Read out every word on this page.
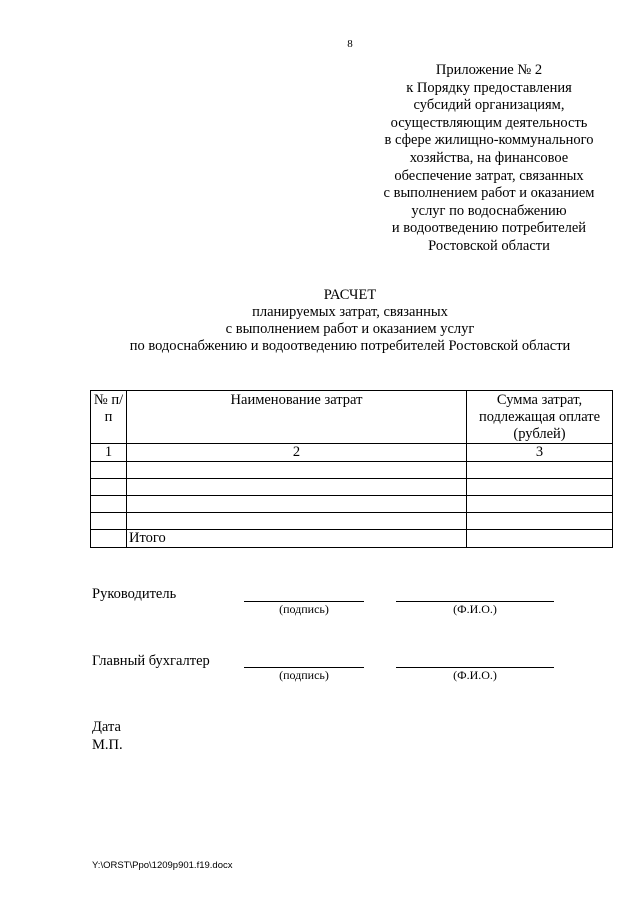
8
Приложение № 2
к Порядку предоставления
субсидий организациям,
осуществляющим деятельность
в сфере жилищно-коммунального
хозяйства, на финансовое
обеспечение затрат, связанных
с выполнением работ и оказанием
услуг по водоснабжению
и водоотведению потребителей
Ростовской области
РАСЧЕТ
планируемых затрат, связанных
с выполнением работ и оказанием услуг
по водоснабжению и водоотведению потребителей Ростовской области
№ п/п	Наименование затрат	Сумма затрат, подлежащая оплате (рублей)
1	2	3

	Итого	
Руководитель
(подпись)	(Ф.И.О.)
Главный бухгалтер
(подпись)	(Ф.И.О.)
Дата
М.П.
Y:\ORST\Ppo\1209p901.f19.docx
